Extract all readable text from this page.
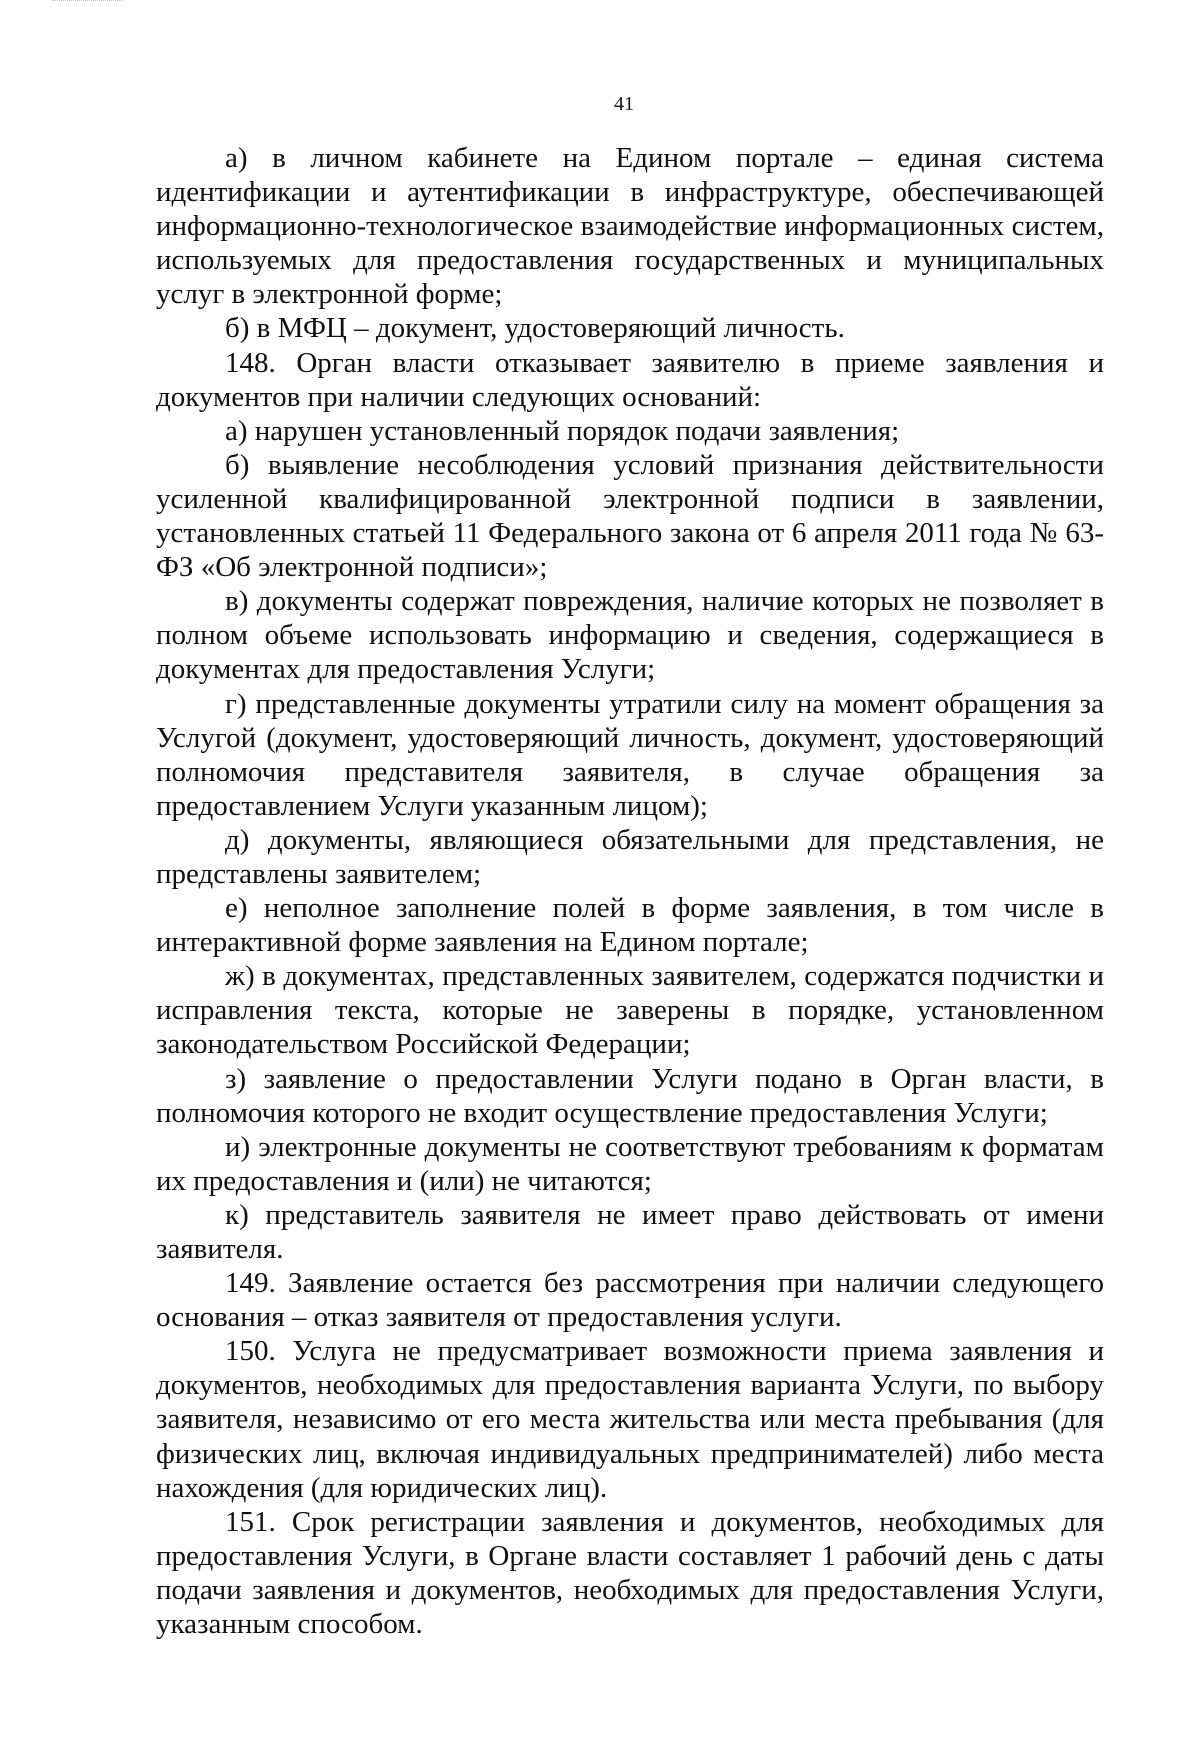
41

а) в личном кабинете на Едином портале – единая система идентификации и аутентификации в инфраструктуре, обеспечивающей информационно-технологическое взаимодействие информационных систем, используемых для предоставления государственных и муниципальных услуг в электронной форме;

б) в МФЦ – документ, удостоверяющий личность.

148. Орган власти отказывает заявителю в приеме заявления и документов при наличии следующих оснований:

а) нарушен установленный порядок подачи заявления;

б) выявление несоблюдения условий признания действительности усиленной квалифицированной электронной подписи в заявлении, установленных статьей 11 Федерального закона от 6 апреля 2011 года № 63-ФЗ «Об электронной подписи»;

в) документы содержат повреждения, наличие которых не позволяет в полном объеме использовать информацию и сведения, содержащиеся в документах для предоставления Услуги;

г) представленные документы утратили силу на момент обращения за Услугой (документ, удостоверяющий личность, документ, удостоверяющий полномочия представителя заявителя, в случае обращения за предоставлением Услуги указанным лицом);

д) документы, являющиеся обязательными для представления, не представлены заявителем;

е) неполное заполнение полей в форме заявления, в том числе в интерактивной форме заявления на Едином портале;

ж) в документах, представленных заявителем, содержатся подчистки и исправления текста, которые не заверены в порядке, установленном законодательством Российской Федерации;

з) заявление о предоставлении Услуги подано в Орган власти, в полномочия которого не входит осуществление предоставления Услуги;

и) электронные документы не соответствуют требованиям к форматам их предоставления и (или) не читаются;

к) представитель заявителя не имеет право действовать от имени заявителя.

149. Заявление остается без рассмотрения при наличии следующего основания – отказ заявителя от предоставления услуги.

150. Услуга не предусматривает возможности приема заявления и документов, необходимых для предоставления варианта Услуги, по выбору заявителя, независимо от его места жительства или места пребывания (для физических лиц, включая индивидуальных предпринимателей) либо места нахождения (для юридических лиц).

151. Срок регистрации заявления и документов, необходимых для предоставления Услуги, в Органе власти составляет 1 рабочий день с даты подачи заявления и документов, необходимых для предоставления Услуги, указанным способом.
